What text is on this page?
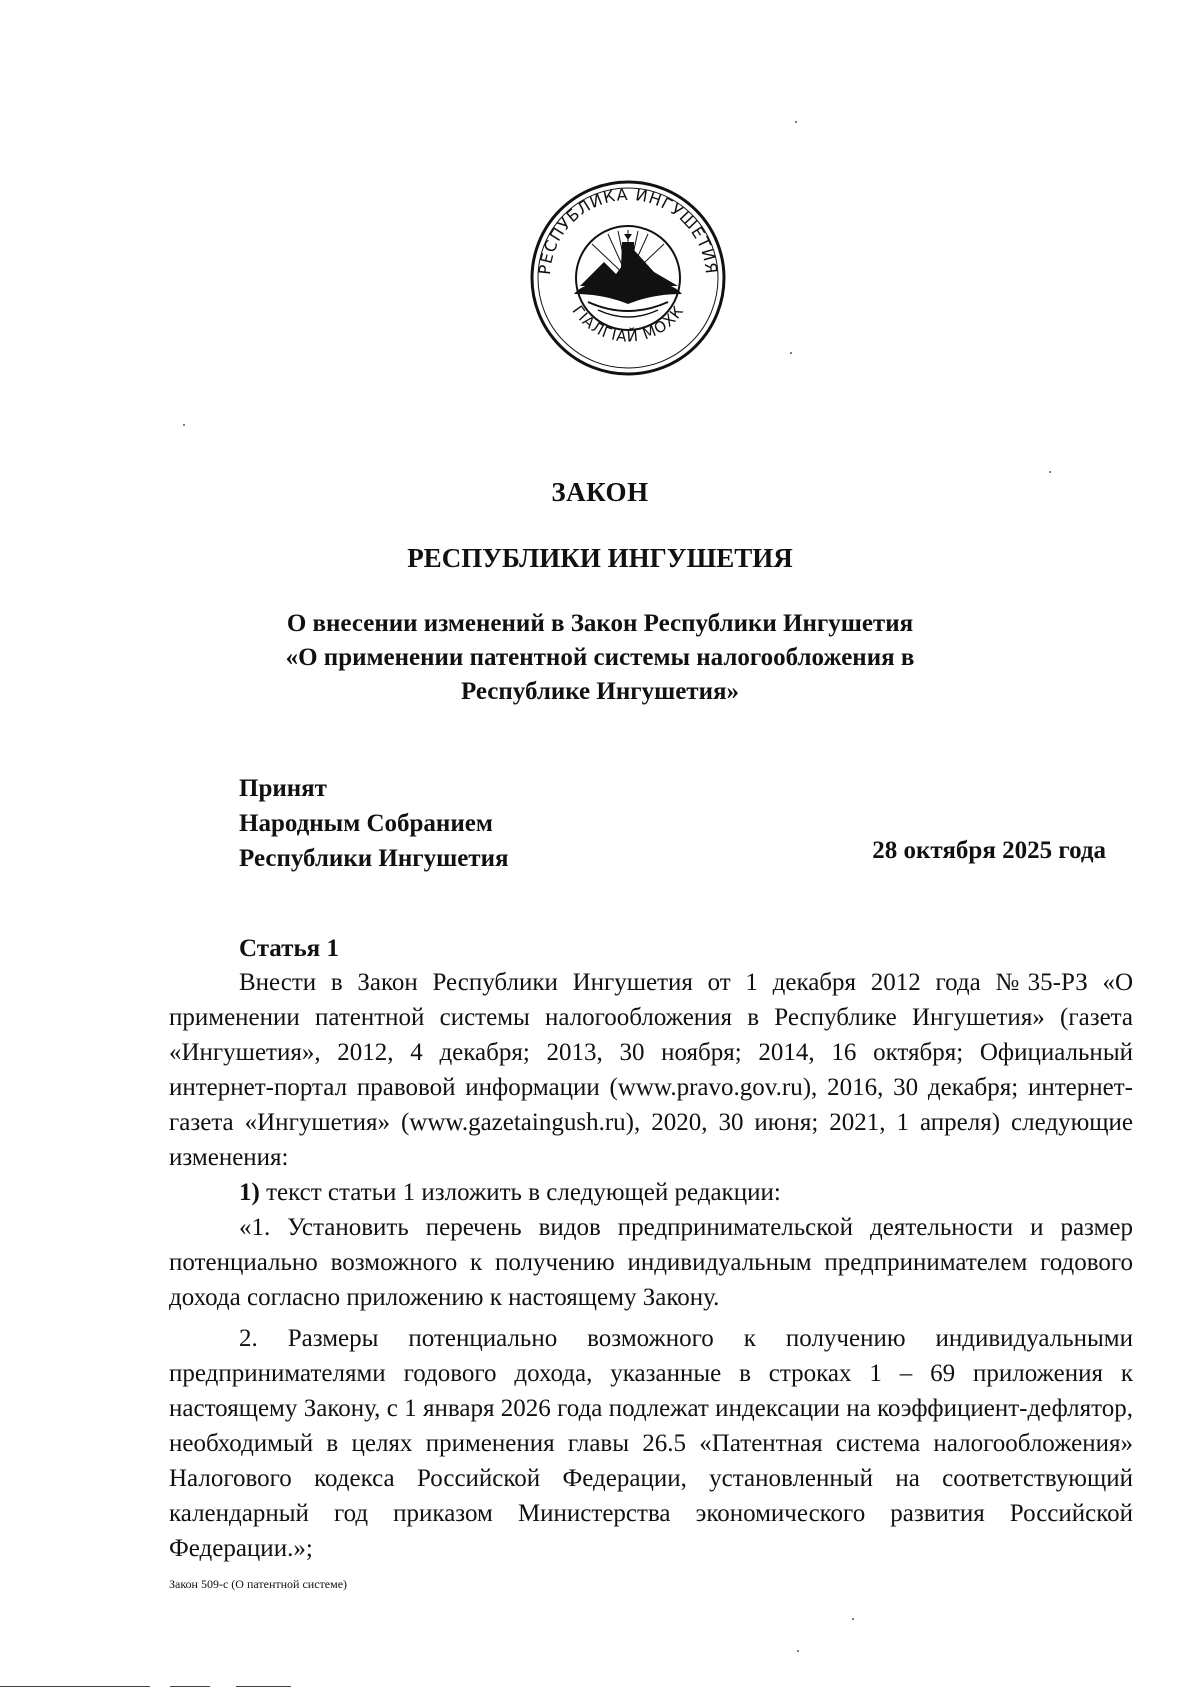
РЕСПУБЛИКА ИНГУШЕТИЯ
ГІАЛГІАЙ МОХК
ЗАКОН
РЕСПУБЛИКИ ИНГУШЕТИЯ
О внесении изменений в Закон Республики Ингушетия
«О применении патентной системы налогообложения в
Республике Ингушетия»
Принят
Народным Собранием
Республики Ингушетия	28 октября 2025 года
Статья 1

Внести в Закон Республики Ингушетия от 1 декабря 2012 года №35-РЗ «О применении патентной системы налогообложения в Республике Ингушетия» (газета «Ингушетия», 2012, 4 декабря; 2013, 30 ноября; 2014, 16 октября; Официальный интернет-портал правовой информации (www.pravo.gov.ru), 2016, 30 декабря; интернет-газета «Ингушетия» (www.gazetaingush.ru), 2020, 30 июня; 2021, 1 апреля) следующие изменения:

1) текст статьи 1 изложить в следующей редакции:

«1. Установить перечень видов предпринимательской деятельности и размер потенциально возможного к получению индивидуальным предпринимателем годового дохода согласно приложению к настоящему Закону.

2. Размеры потенциально возможного к получению индивидуальными предпринимателями годового дохода, указанные в строках 1 – 69 приложения к настоящему Закону, с 1 января 2026 года подлежат индексации на коэффициент-дефлятор, необходимый в целях применения главы 26.5 «Патентная система налогообложения» Налогового кодекса Российской Федерации, установленный на соответствующий календарный год приказом Министерства экономического развития Российской Федерации.»;

Закон 509-с (О патентной системе)
